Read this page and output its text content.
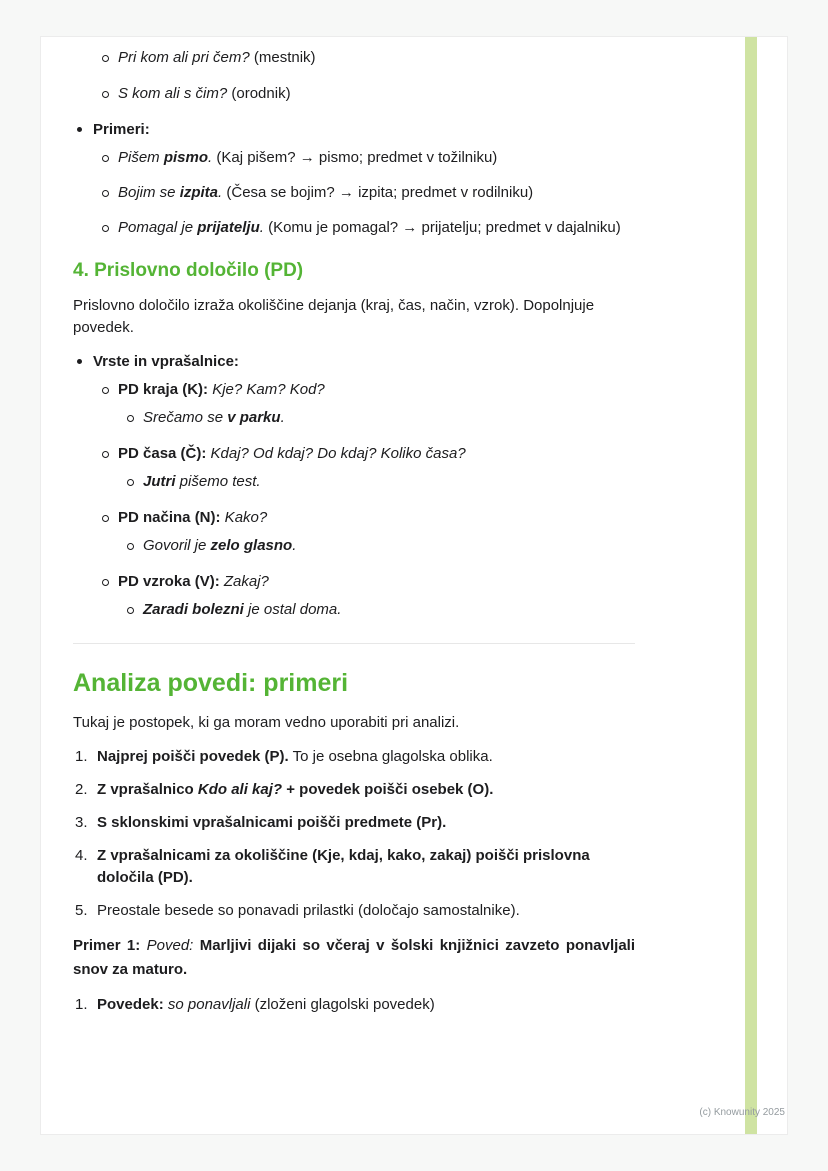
Pri kom ali pri čem? (mestnik)
S kom ali s čim? (orodnik)
Primeri:
Pišem pismo. (Kaj pišem? → pismo; predmet v tožilniku)
Bojim se izpita. (Česa se bojim? → izpita; predmet v rodilniku)
Pomagal je prijatelju. (Komu je pomagal? → prijatelju; predmet v dajalniku)
4. Prislovno določilo (PD)

Prislovno določilo izraža okoliščine dejanja (kraj, čas, način, vzrok). Dopolnjuje povedek.

Vrste in vprašalnice:
PD kraja (K): Kje? Kam? Kod?
Srečamo se v parku.
PD časa (Č): Kdaj? Od kdaj? Do kdaj? Koliko časa?
Jutri pišemo test.
PD načina (N): Kako?
Govoril je zelo glasno.
PD vzroka (V): Zakaj?
Zaradi bolezni je ostal doma.
Analiza povedi: primeri

Tukaj je postopek, ki ga moram vedno uporabiti pri analizi.

Najprej poišči povedek (P). To je osebna glagolska oblika.
Z vprašalnico Kdo ali kaj? + povedek poišči osebek (O).
S sklonskimi vprašalnicami poišči predmete (Pr).
Z vprašalnicami za okoliščine (Kje, kdaj, kako, zakaj) poišči prislovna določila (PD).
Preostale besede so ponavadi prilastki (določajo samostalnike).

Primer 1: Poved: Marljivi dijaki so včeraj v šolski knjižnici zavzeto ponavljali snov za maturo.

Povedek: so ponavljali (zloženi glagolski povedek)
(c) Knowunity 2025
